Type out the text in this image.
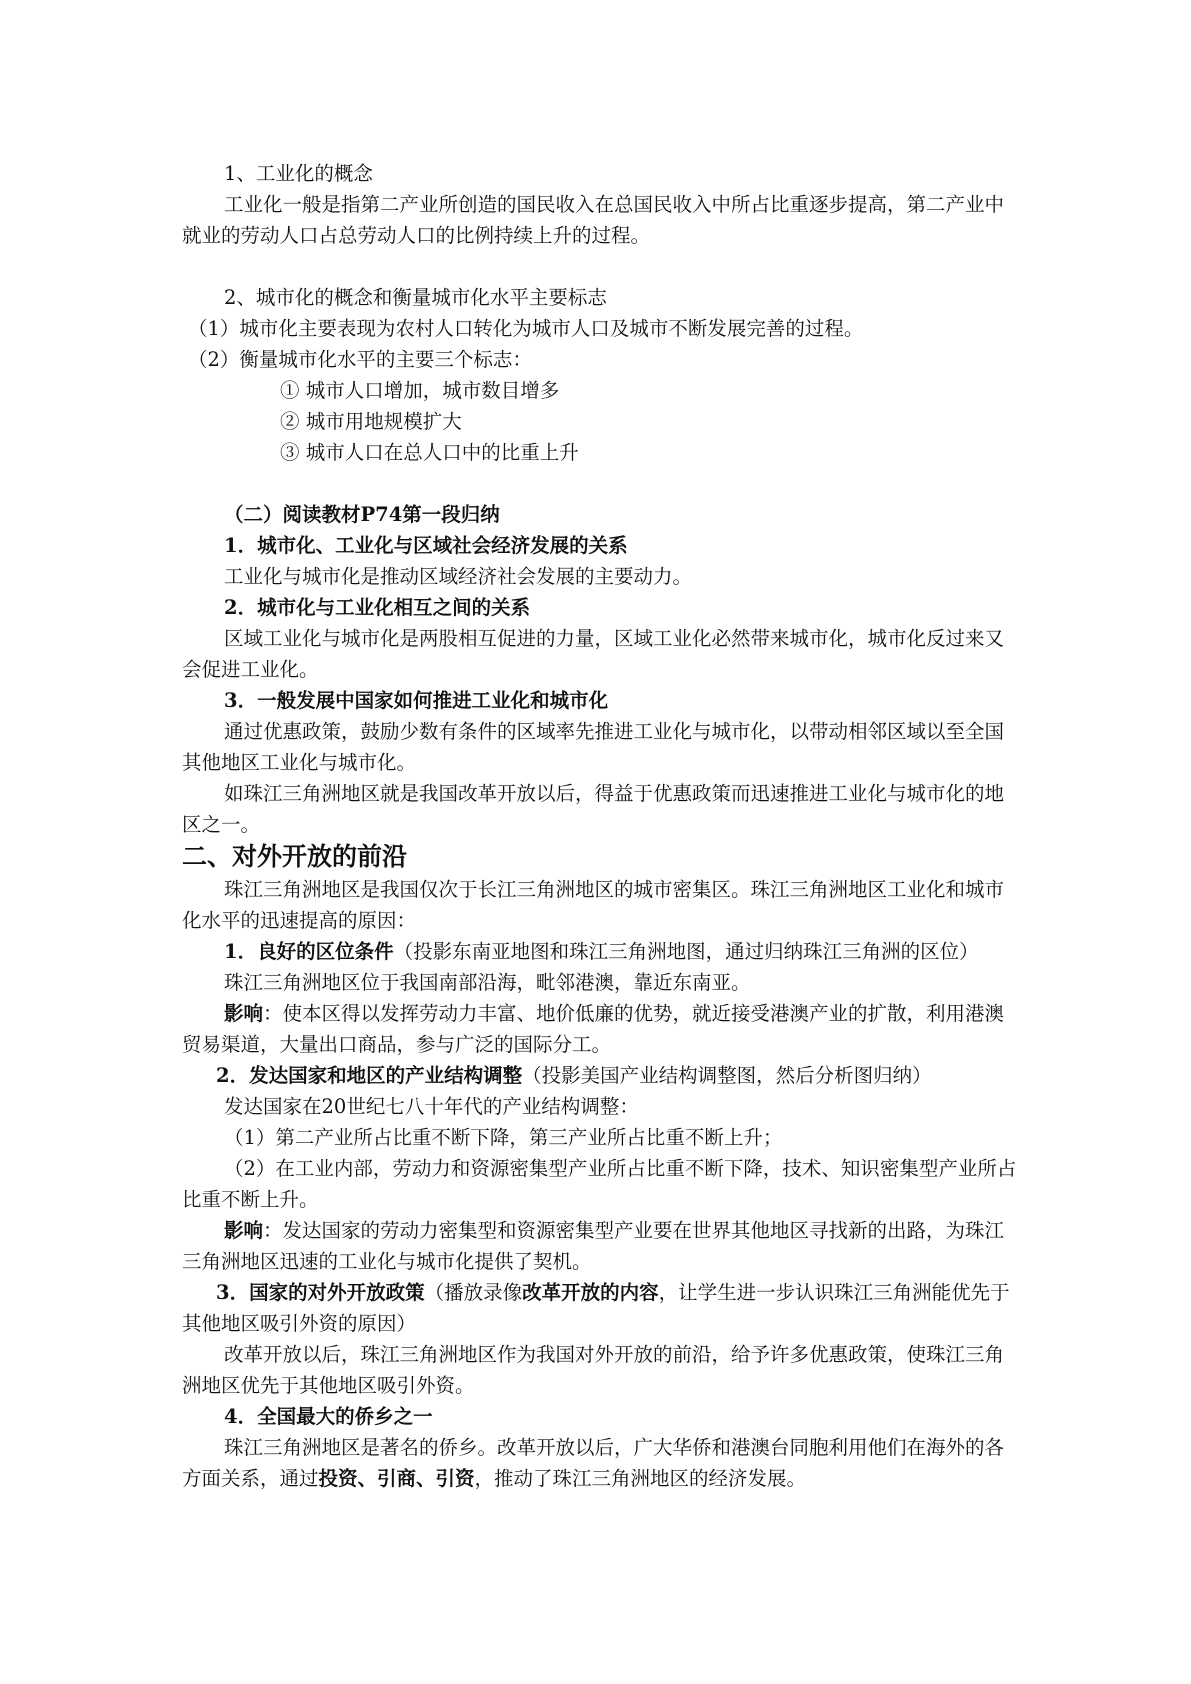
1、工业化的概念

工业化一般是指第二产业所创造的国民收入在总国民收入中所占比重逐步提高，第二产业中就业的劳动人口占总劳动人口的比例持续上升的过程。

2、城市化的概念和衡量城市化水平主要标志

（1）城市化主要表现为农村人口转化为城市人口及城市不断发展完善的过程。

（2）衡量城市化水平的主要三个标志：

① 城市人口增加，城市数目增多

② 城市用地规模扩大

③ 城市人口在总人口中的比重上升

（二）阅读教材P74第一段归纳

1．城市化、工业化与区域社会经济发展的关系

工业化与城市化是推动区域经济社会发展的主要动力。

2．城市化与工业化相互之间的关系

区域工业化与城市化是两股相互促进的力量，区域工业化必然带来城市化，城市化反过来又会促进工业化。

3．一般发展中国家如何推进工业化和城市化

通过优惠政策，鼓励少数有条件的区域率先推进工业化与城市化，以带动相邻区域以至全国其他地区工业化与城市化。

如珠江三角洲地区就是我国改革开放以后，得益于优惠政策而迅速推进工业化与城市化的地区之一。

二、对外开放的前沿

珠江三角洲地区是我国仅次于长江三角洲地区的城市密集区。珠江三角洲地区工业化和城市化水平的迅速提高的原因：

1．良好的区位条件（投影东南亚地图和珠江三角洲地图，通过归纳珠江三角洲的区位）

珠江三角洲地区位于我国南部沿海，毗邻港澳，靠近东南亚。

影响：使本区得以发挥劳动力丰富、地价低廉的优势，就近接受港澳产业的扩散，利用港澳贸易渠道，大量出口商品，参与广泛的国际分工。

2．发达国家和地区的产业结构调整（投影美国产业结构调整图，然后分析图归纳）

发达国家在20世纪七八十年代的产业结构调整：

（1）第二产业所占比重不断下降，第三产业所占比重不断上升；

（2）在工业内部，劳动力和资源密集型产业所占比重不断下降，技术、知识密集型产业所占比重不断上升。

影响：发达国家的劳动力密集型和资源密集型产业要在世界其他地区寻找新的出路，为珠江三角洲地区迅速的工业化与城市化提供了契机。

3．国家的对外开放政策（播放录像改革开放的内容，让学生进一步认识珠江三角洲能优先于其他地区吸引外资的原因）

改革开放以后，珠江三角洲地区作为我国对外开放的前沿，给予许多优惠政策，使珠江三角洲地区优先于其他地区吸引外资。

4．全国最大的侨乡之一

珠江三角洲地区是著名的侨乡。改革开放以后，广大华侨和港澳台同胞利用他们在海外的各方面关系，通过投资、引商、引资，推动了珠江三角洲地区的经济发展。
